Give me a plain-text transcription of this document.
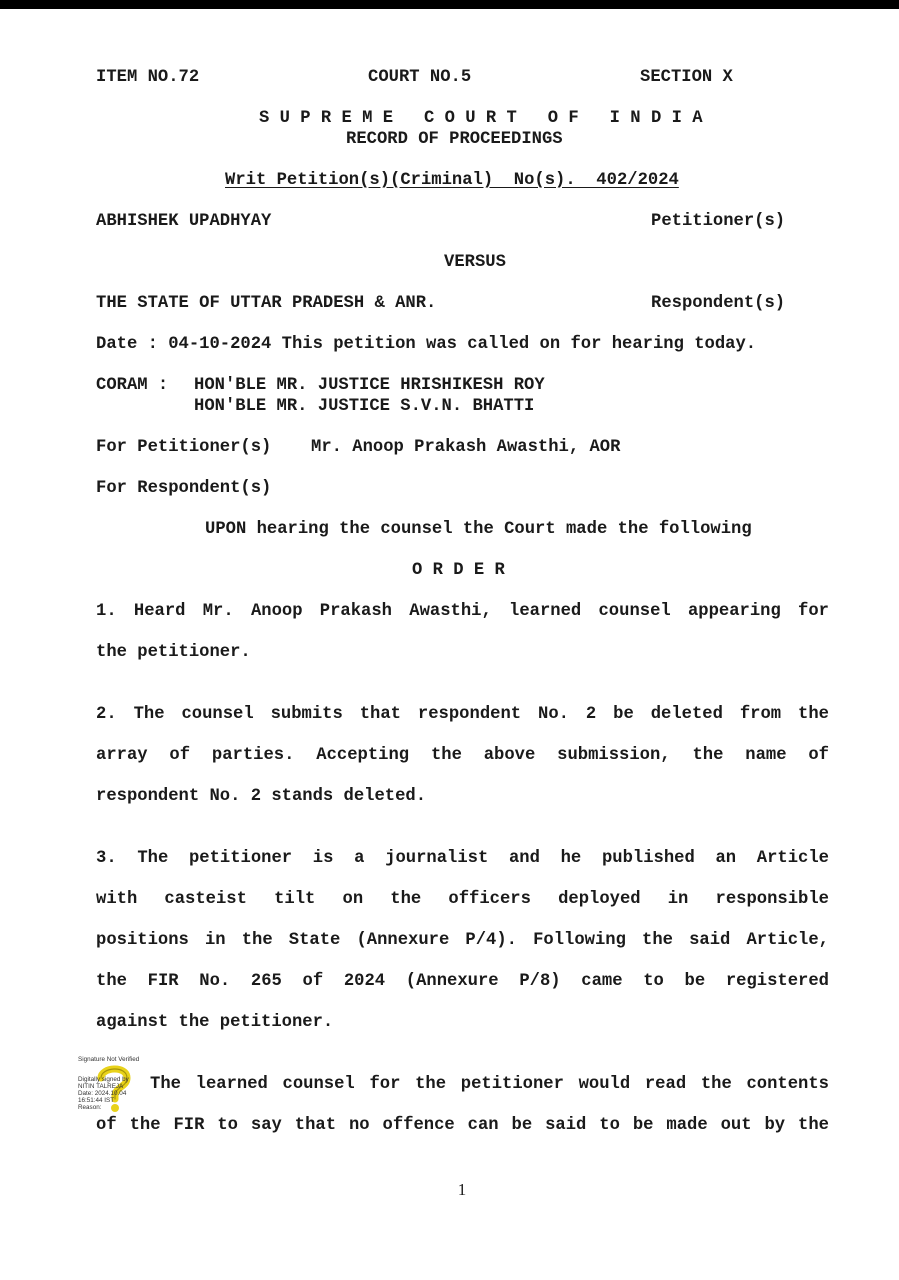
ITEM NO.72	COURT NO.5	SECTION X

S U P R E M E   C O U R T   O F   I N D I A

RECORD OF PROCEEDINGS

Writ Petition(s)(Criminal)  No(s).  402/2024

ABHISHEK UPADHYAY	Petitioner(s)

VERSUS

THE STATE OF UTTAR PRADESH & ANR.	Respondent(s)

Date : 04-10-2024 This petition was called on for hearing today.

CORAM : HON'BLE MR. JUSTICE HRISHIKESH ROY

HON'BLE MR. JUSTICE S.V.N. BHATTI

For Petitioner(s) Mr. Anoop Prakash Awasthi, AOR

For Respondent(s)

UPON hearing the counsel the Court made the following

O R D E R

1. Heard Mr. Anoop Prakash Awasthi, learned counsel appearing for

the petitioner.

2. The counsel submits that respondent No. 2 be deleted from the

array of parties. Accepting the above submission, the name of

respondent No. 2 stands deleted.

3. The petitioner is a journalist and he published an Article

with casteist tilt on the officers deployed in responsible

positions in the State (Annexure P/4). Following the said Article,

the FIR No. 265 of 2024 (Annexure P/8) came to be registered

against the petitioner.

Signature Not Verified
Digitally signed by
NITIN TALREJA
Date: 2024.10.04
16:51:44 IST
Reason:

The learned counsel for the petitioner would read the contents

of the FIR to say that no offence can be said to be made out by the

1
